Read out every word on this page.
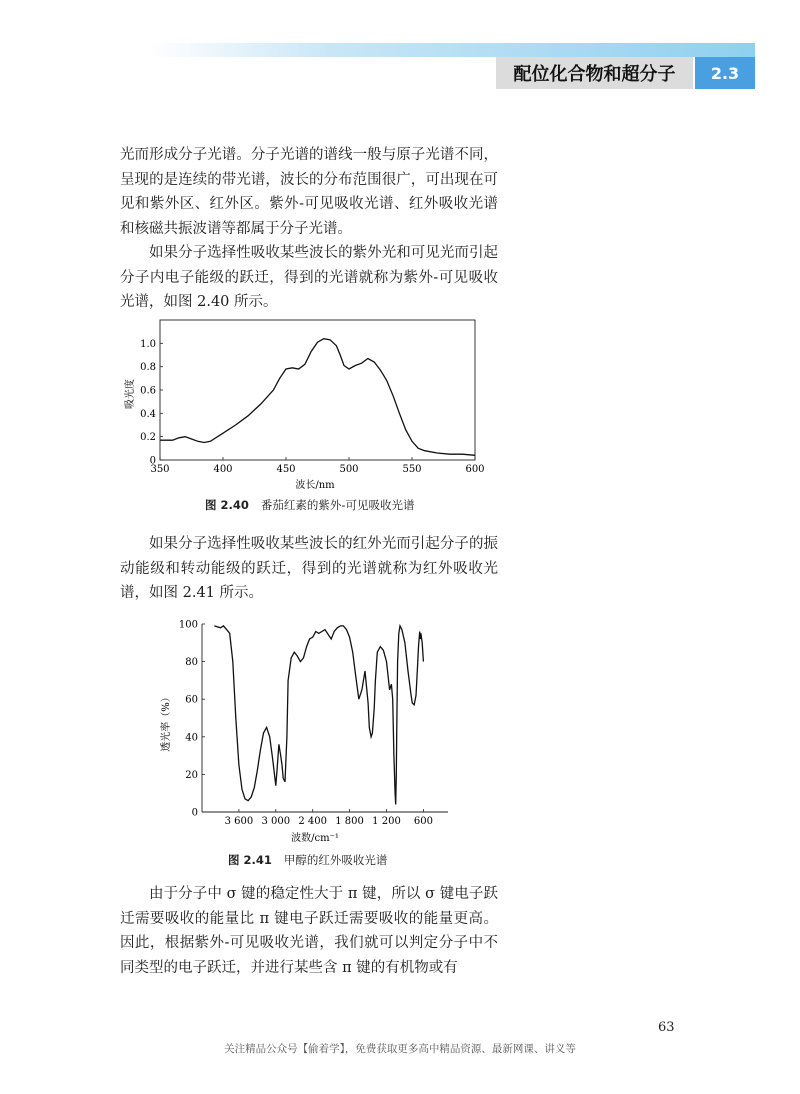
配位化合物和超分子	2.3

光而形成分子光谱。分子光谱的谱线一般与原子光谱不同，呈现的是连续的带光谱，波长的分布范围很广，可出现在可见和紫外区、红外区。紫外-可见吸收光谱、红外吸收光谱和核磁共振波谱等都属于分子光谱。

如果分子选择性吸收某些波长的紫外光和可见光而引起分子内电子能级的跃迁，得到的光谱就称为紫外-可见吸收光谱，如图 2.40 所示。

350	400	450	500	550	600
0
0.2
0.4
0.6
0.8
1.0
波长/nm
吸光度
图 2.40 番茄红素的紫外-可见吸收光谱

如果分子选择性吸收某些波长的红外光而引起分子的振动能级和转动能级的跃迁，得到的光谱就称为红外吸收光谱，如图 2.41 所示。

3 600 3 000 2 400 1 800 1 200 600
0
20
40
60
80
100
波数/cm⁻¹
透光率（%）
图 2.41 甲醇的红外吸收光谱

由于分子中 σ 键的稳定性大于 π 键，所以 σ 键电子跃迁需要吸收的能量比 π 键电子跃迁需要吸收的能量更高。因此，根据紫外-可见吸收光谱，我们就可以判定分子中不同类型的电子跃迁，并进行某些含 π 键的有机物或有

63
关注精品公众号【偷着学】，免费获取更多高中精品资源、最新网课、讲义等
